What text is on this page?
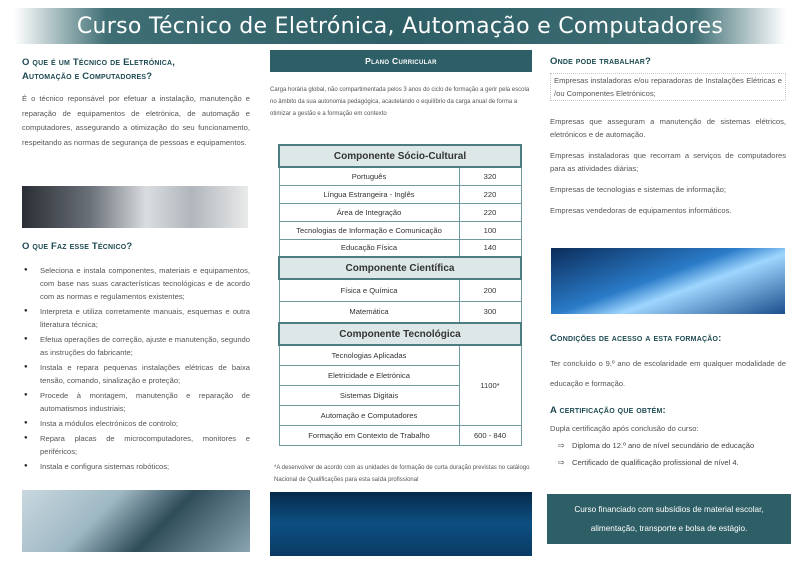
Curso Técnico de Eletrónica, Automação e Computadores
O que é um Técnico de Eletrónica,
Automação e Computadores?

É o técnico reponsável por efetuar a instalação, manutenção e reparação de equipamentos de eletrónica, de automação e computadores, assegurando a otimização do seu funcionamento, respeitando as normas de segurança de pessoas e equipamentos.

O que Faz esse Técnico?
● Seleciona e instala componentes, materiais e equipamentos, com base nas suas características tecnológicas e de acordo com as normas e regulamentos existentes;
● Interpreta e utiliza corretamente manuais, esquemas e outra literatura técnica;
● Efetua operações de correção, ajuste e manutenção, segundo as instruções do fabricante;
● Instala e repara pequenas instalações elétricas de baixa tensão, comando, sinalização e proteção;
● Procede à montagem, manutenção e reparação de automatismos industriais;
● Insta a módulos electrónicos de controlo;
● Repara placas de microcomputadores, monitores e periféricos;
● Instala e configura sistemas robóticos;
Plano Curricular

Carga horária global, não compartimentada pelos 3 anos do ciclo de formação a gerir pela escola no âmbito da sua autonomia pedagógica, acautelando o equilíbrio da carga anual de forma a otimizar a gestão e a formação em contexto

Componente Sócio-Cultural	
Português	320
Língua Estrangeira - Inglês	220
Área de Integração	220
Tecnologias de Informação e Comunicação	100
Educação Física	140
Componente Científica	
Física e Química	200
Matemática	300
Componente Tecnológica	
Tecnologias Aplicadas	1100*
Eletricidade e Eletrónica	
Sistemas Digitais	
Automação e Computadores	
Formação em Contexto de Trabalho	600 - 840

*A desenvolver de acordo com as unidades de formação de curta duração previstas no catálogo Nacional de Qualificações para esta saída profissional

Onde pode trabalhar?
Empresas instaladoras e/ou reparadoras de Instalações Elétricas e /ou Componentes Eletrónicos;
Empresas que asseguram a manutenção de sistemas elétricos, eletrónicos e de automação.
Empresas instaladoras que recorram a serviços de computadores para as atividades diárias;
Empresas de tecnologias e sistemas de informação;
Empresas vendedoras de equipamentos informáticos.
Condições de acesso a esta formação:

Ter concluído o 9.º ano de escolaridade em qualquer modalidade de educação e formação.

A certificação que obtém:

Dupla certificação após conclusão do curso:

⇨ Diploma do 12.º ano de nível secundário de educação
⇨ Certificado de qualificação profissional de nível 4.
Curso financiado com subsídios de material escolar, alimentação, transporte e bolsa de estágio.
